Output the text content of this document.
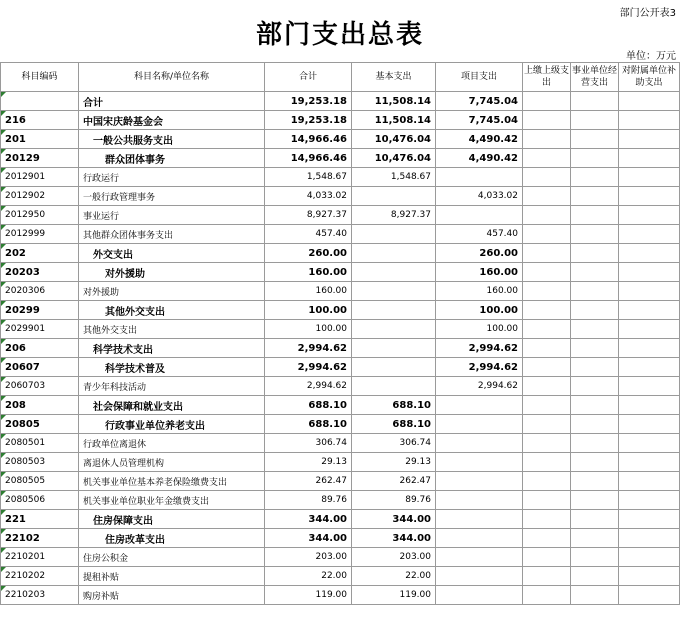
部门公开表3
部门支出总表
单位：万元
科目编码	科目名称/单位名称	合计	基本支出	项目支出	上缴上级支出	事业单位经营支出	对附属单位补助支出
	合计	19,253.18	11,508.14	7,745.04			
216	中国宋庆龄基金会	19,253.18	11,508.14	7,745.04			
201	一般公共服务支出	14,966.46	10,476.04	4,490.42			
20129	群众团体事务	14,966.46	10,476.04	4,490.42			
2012901	行政运行	1,548.67	1,548.67				
2012902	一般行政管理事务	4,033.02		4,033.02			
2012950	事业运行	8,927.37	8,927.37				
2012999	其他群众团体事务支出	457.40		457.40			
202	外交支出	260.00		260.00			
20203	对外援助	160.00		160.00			
2020306	对外援助	160.00		160.00			
20299	其他外交支出	100.00		100.00			
2029901	其他外交支出	100.00		100.00			
206	科学技术支出	2,994.62		2,994.62			
20607	科学技术普及	2,994.62		2,994.62			
2060703	青少年科技活动	2,994.62		2,994.62			
208	社会保障和就业支出	688.10	688.10				
20805	行政事业单位养老支出	688.10	688.10				
2080501	行政单位离退休	306.74	306.74				
2080503	离退休人员管理机构	29.13	29.13				
2080505	机关事业单位基本养老保险缴费支出	262.47	262.47				
2080506	机关事业单位职业年金缴费支出	89.76	89.76				
221	住房保障支出	344.00	344.00				
22102	住房改革支出	344.00	344.00				
2210201	住房公积金	203.00	203.00				
2210202	提租补贴	22.00	22.00				
2210203	购房补贴	119.00	119.00				
